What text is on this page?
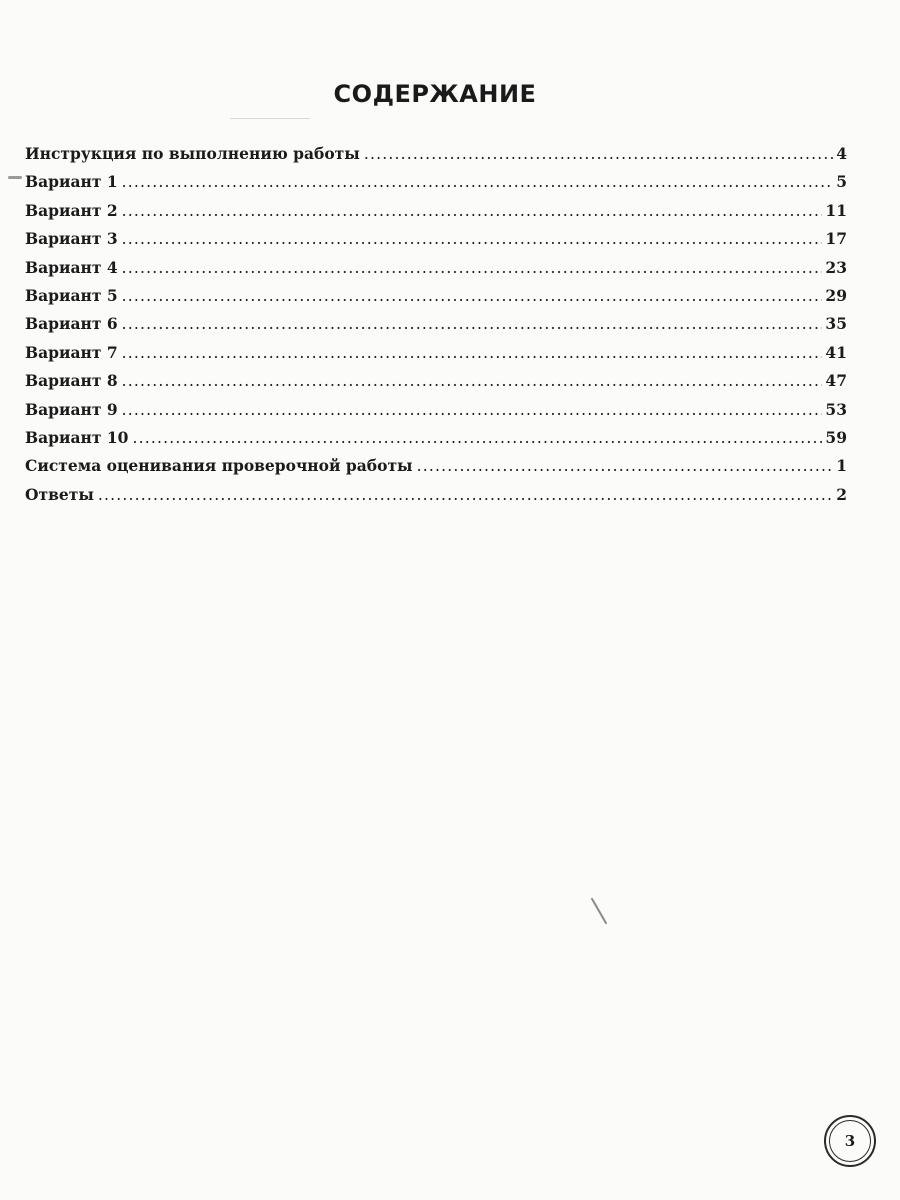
СОДЕРЖАНИЕ
Инструкция по выполнению работы .....	4
Вариант 1 .....	5
Вариант 2 .....	11
Вариант 3 .....	17
Вариант 4 .....	23
Вариант 5 .....	29
Вариант 6 .....	35
Вариант 7 .....	41
Вариант 8 .....	47
Вариант 9 .....	53
Вариант 10 .....	59
Система оценивания проверочной работы .....	1
Ответы .....	2
3
